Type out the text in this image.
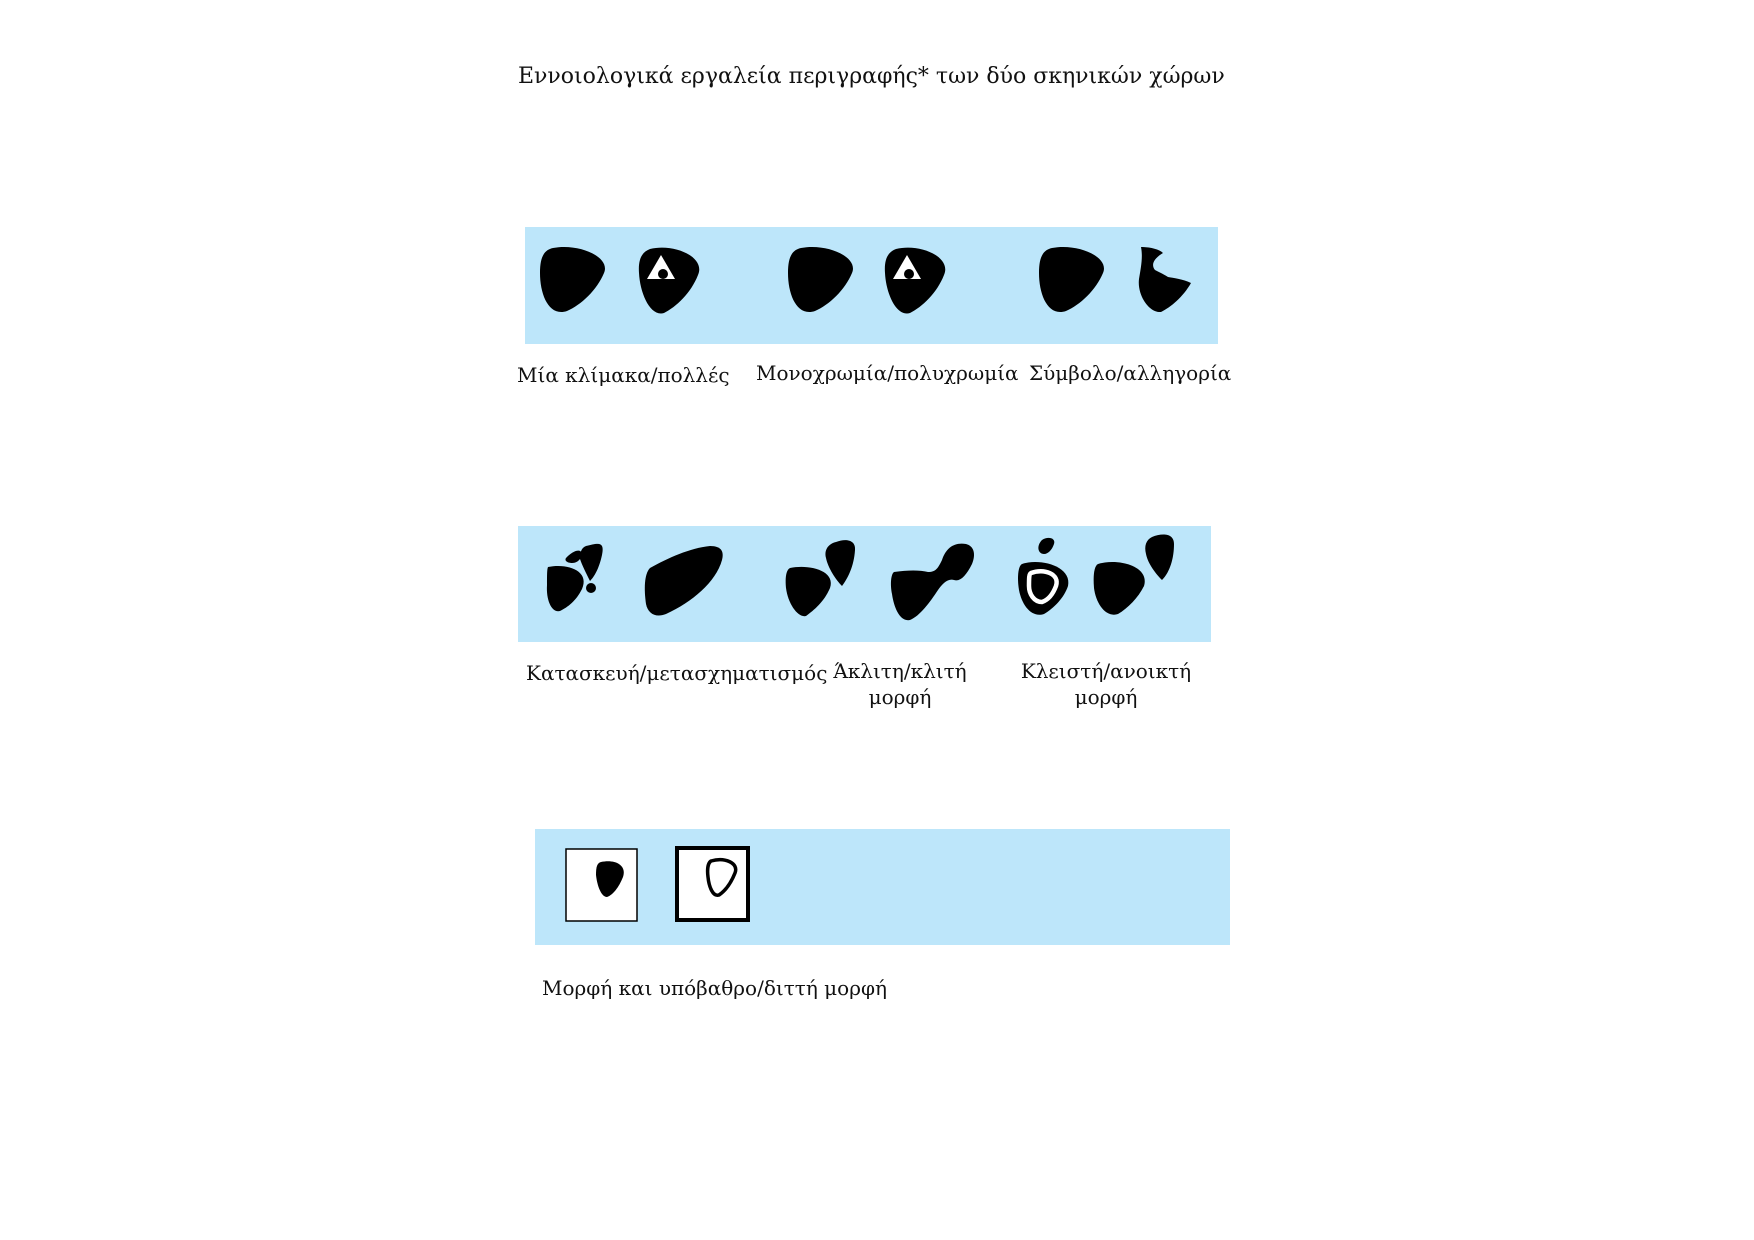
Εννοιολογικά εργαλεία περιγραφής* των δύο σκηνικών χώρων
Μία κλίμακα/πολλές Μονοχρωμία/πολυχρωμία Σύμβολο/αλληγορία
Κατασκευή/μετασχηματισμός Άκλιτη/κλιτή
μορφή
Κλειστή/ανοικτή
μορφή
Μορφή και υπόβαθρο/διττή μορφή
